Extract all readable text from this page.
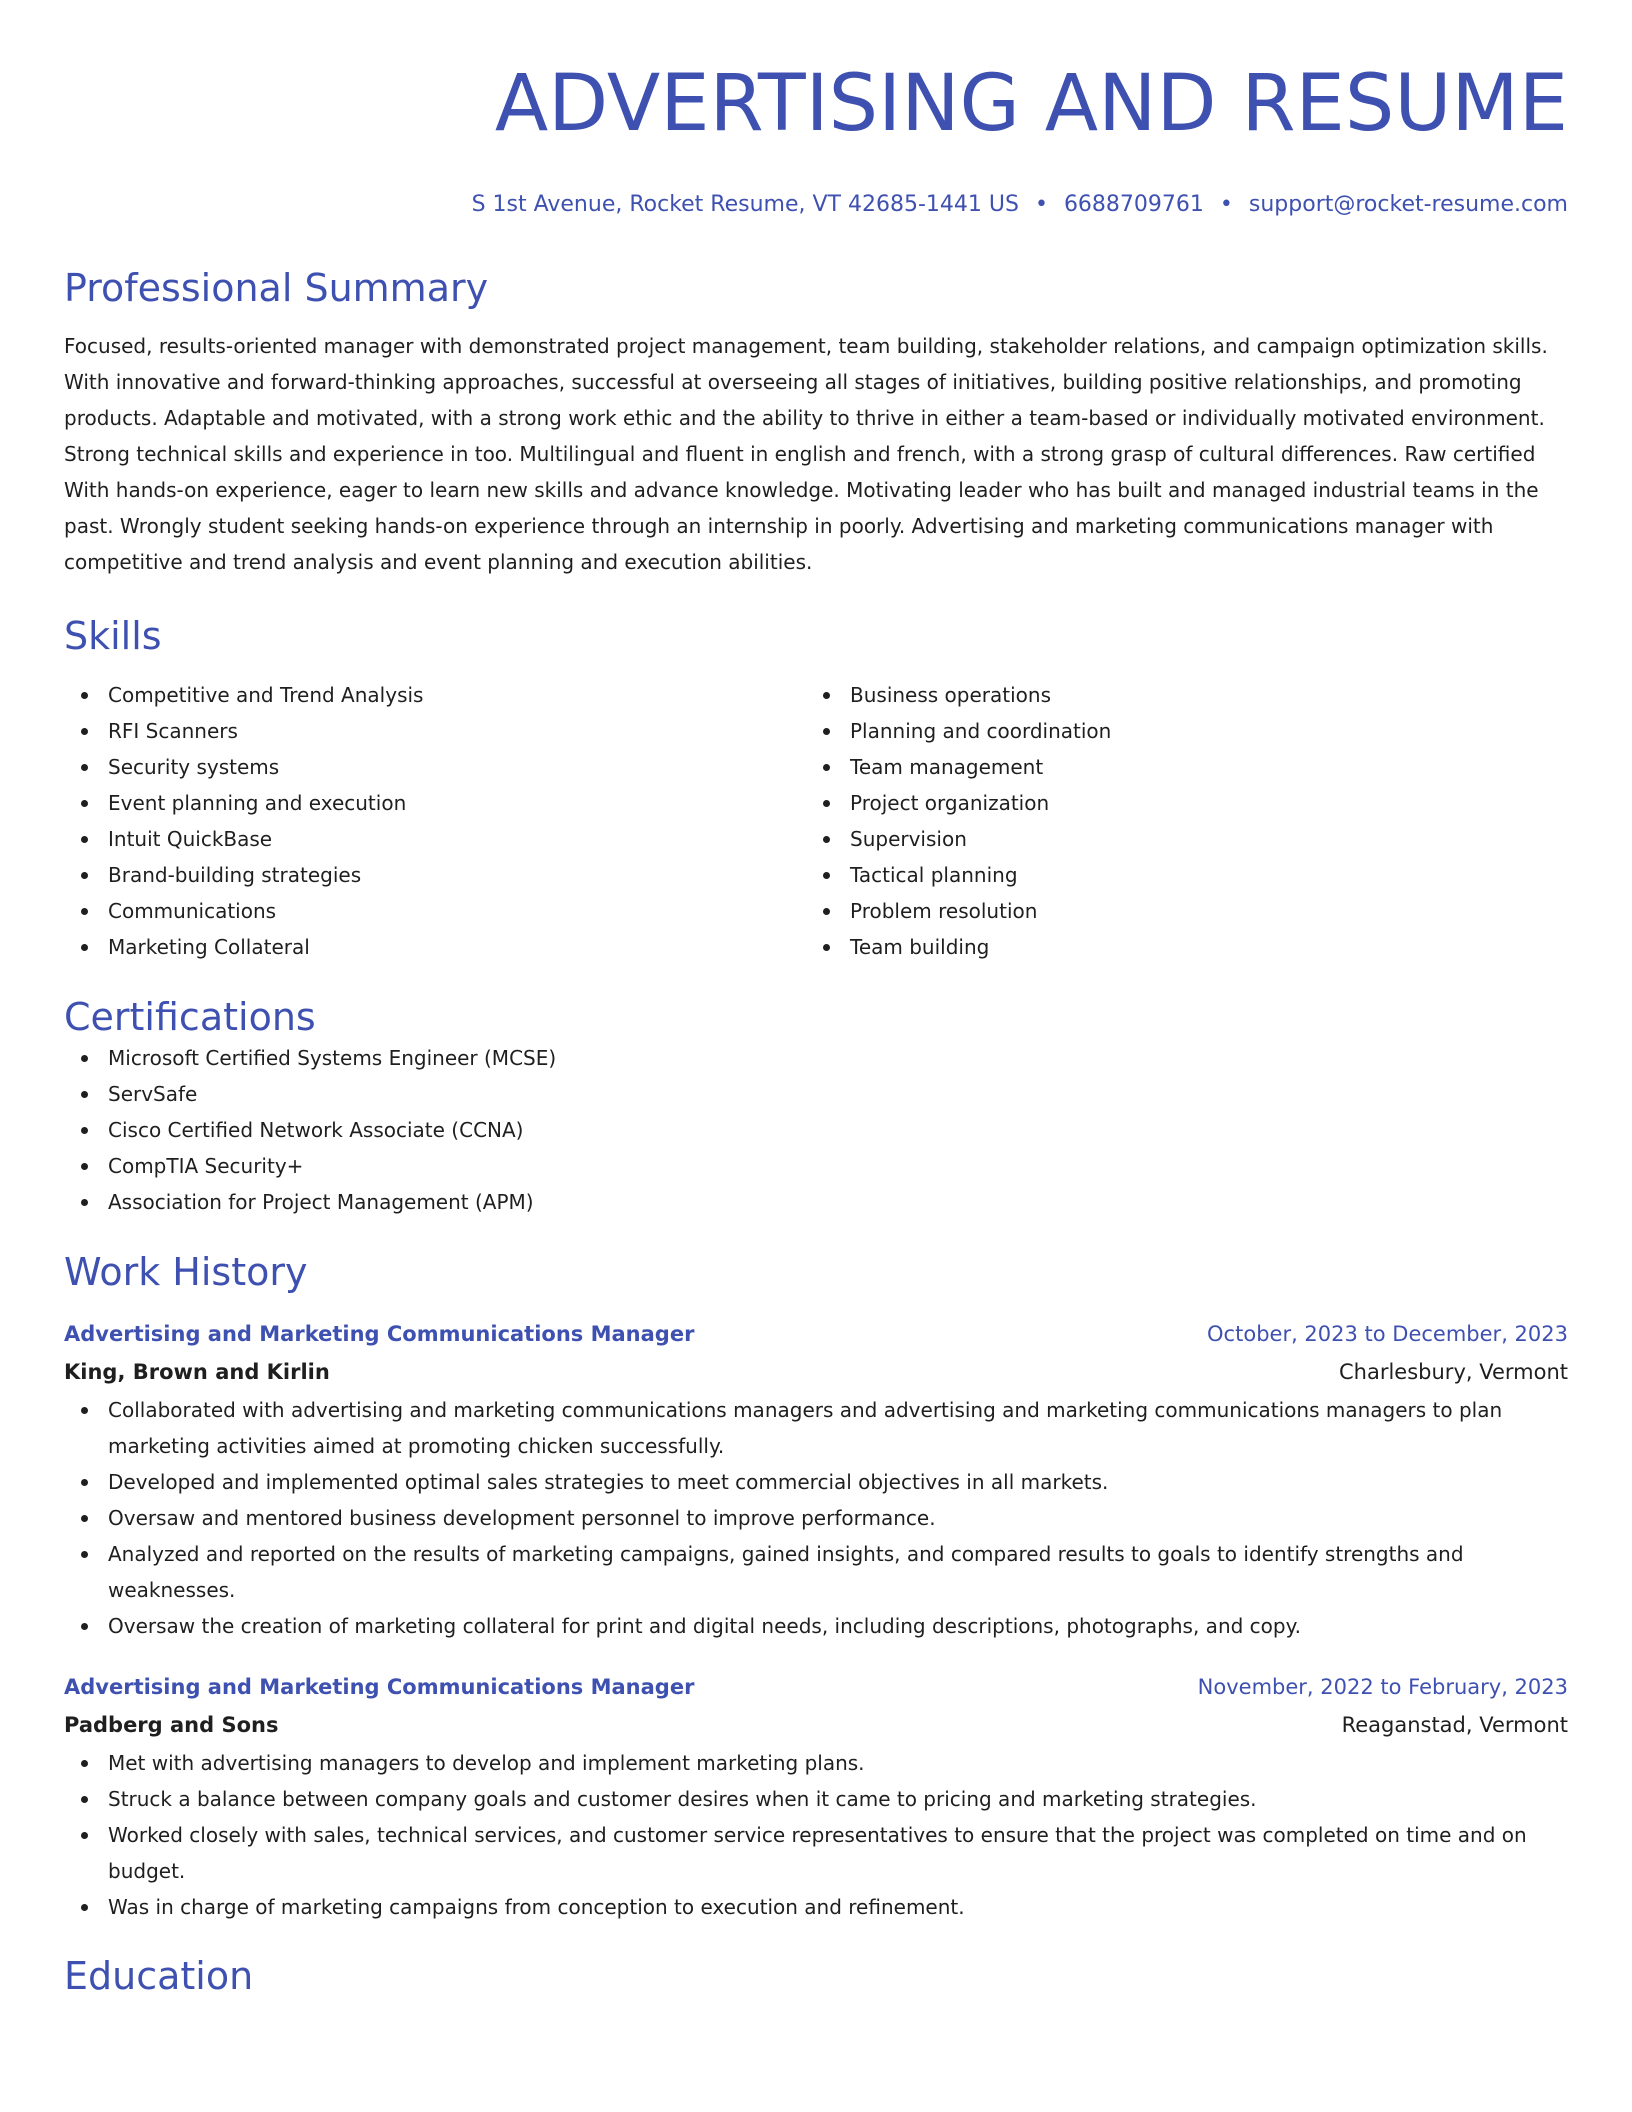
ADVERTISING AND RESUME
S 1st Avenue, Rocket Resume, VT 42685-1441 US • 6688709761 • support@rocket-resume.com
Professional Summary

Focused, results-oriented manager with demonstrated project management, team building, stakeholder relations, and campaign optimization skills. With innovative and forward-thinking approaches, successful at overseeing all stages of initiatives, building positive relationships, and promoting products. Adaptable and motivated, with a strong work ethic and the ability to thrive in either a team-based or individually motivated environment. Strong technical skills and experience in too. Multilingual and fluent in english and french, with a strong grasp of cultural differences. Raw certified With hands-on experience, eager to learn new skills and advance knowledge. Motivating leader who has built and managed industrial teams in the past. Wrongly student seeking hands-on experience through an internship in poorly. Advertising and marketing communications manager with competitive and trend analysis and event planning and execution abilities.

Skills
Competitive and Trend Analysis
RFI Scanners
Security systems
Event planning and execution
Intuit QuickBase
Brand-building strategies
Communications
Marketing Collateral
Business operations
Planning and coordination
Team management
Project organization
Supervision
Tactical planning
Problem resolution
Team building
Certifications
Microsoft Certified Systems Engineer (MCSE)
ServSafe
Cisco Certified Network Associate (CCNA)
CompTIA Security+
Association for Project Management (APM)
Work History
Advertising and Marketing Communications Manager	October, 2023 to December, 2023
King, Brown and Kirlin	Charlesbury, Vermont
Collaborated with advertising and marketing communications managers and advertising and marketing communications managers to plan marketing activities aimed at promoting chicken successfully.
Developed and implemented optimal sales strategies to meet commercial objectives in all markets.
Oversaw and mentored business development personnel to improve performance.
Analyzed and reported on the results of marketing campaigns, gained insights, and compared results to goals to identify strengths and weaknesses.
Oversaw the creation of marketing collateral for print and digital needs, including descriptions, photographs, and copy.
Advertising and Marketing Communications Manager	November, 2022 to February, 2023
Padberg and Sons	Reaganstad, Vermont
Met with advertising managers to develop and implement marketing plans.
Struck a balance between company goals and customer desires when it came to pricing and marketing strategies.
Worked closely with sales, technical services, and customer service representatives to ensure that the project was completed on time and on budget.
Was in charge of marketing campaigns from conception to execution and refinement.
Education
